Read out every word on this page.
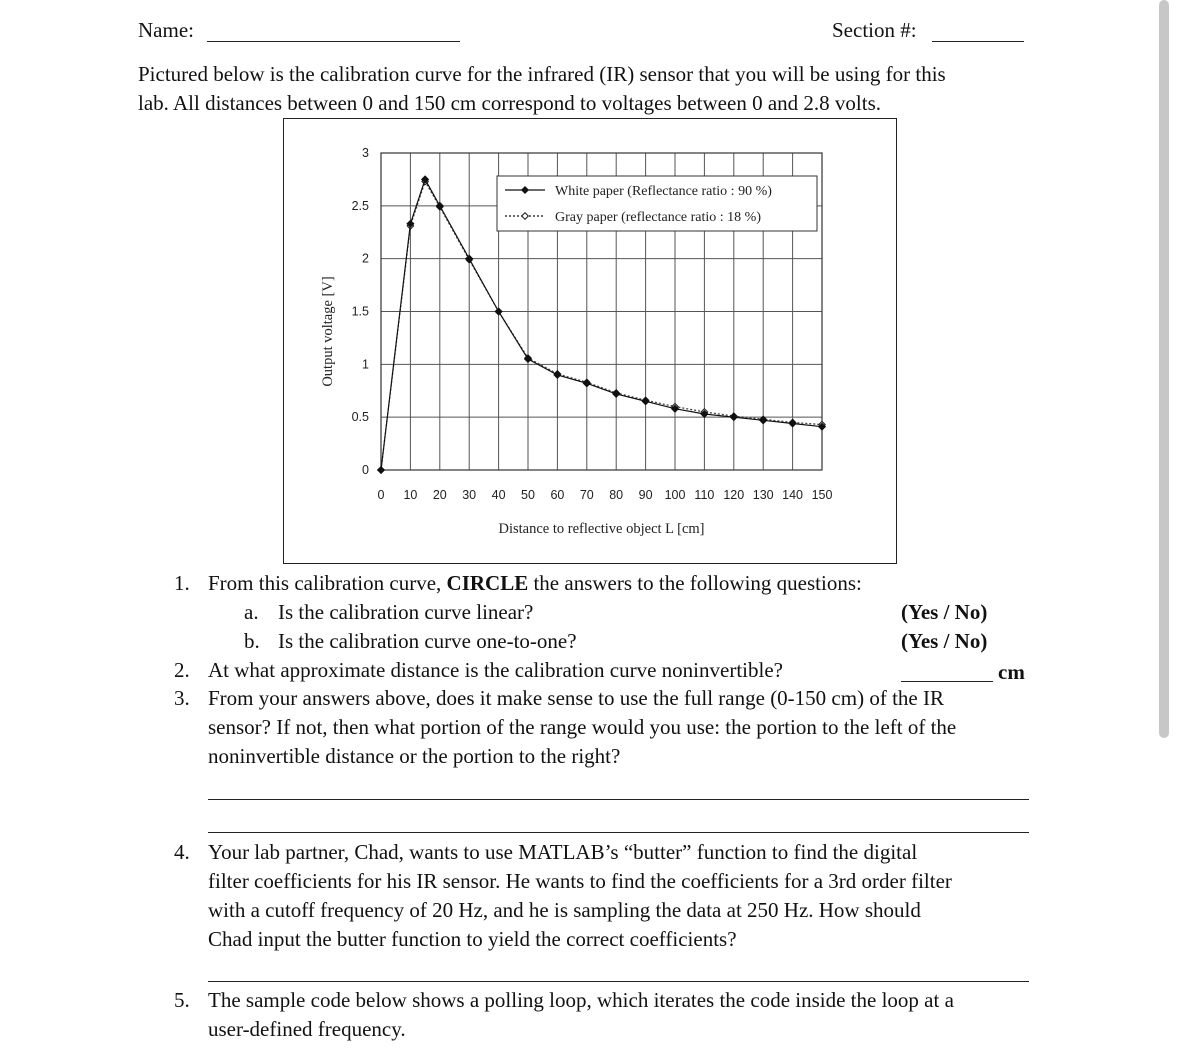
Name:	Section #:
Pictured below is the calibration curve for the infrared (IR) sensor that you will be using for this
lab. All distances between 0 and 150 cm correspond to voltages between 0 and 2.8 volts.
0
0.5
1
1.5
2
2.5
3
0 10 20 30 40 50 60 70 80 90 100 110 120 130 140 150
White paper (Reflectance ratio : 90 %)
Gray paper (reflectance ratio : 18 %)
Distance to reflective object L [cm]
Output voltage [V]
1. From this calibration curve, CIRCLE the answers to the following questions:
a. Is the calibration curve linear?	(Yes / No)
b. Is the calibration curve one-to-one?	(Yes / No)
2. At what approximate distance is the calibration curve noninvertible?	cm
3. From your answers above, does it make sense to use the full range (0-150 cm) of the IR
sensor? If not, then what portion of the range would you use: the portion to the left of the
noninvertible distance or the portion to the right?
4. Your lab partner, Chad, wants to use MATLAB’s “butter” function to find the digital
filter coefficients for his IR sensor. He wants to find the coefficients for a 3rd order filter
with a cutoff frequency of 20 Hz, and he is sampling the data at 250 Hz. How should
Chad input the butter function to yield the correct coefficients?
5. The sample code below shows a polling loop, which iterates the code inside the loop at a
user-defined frequency.
